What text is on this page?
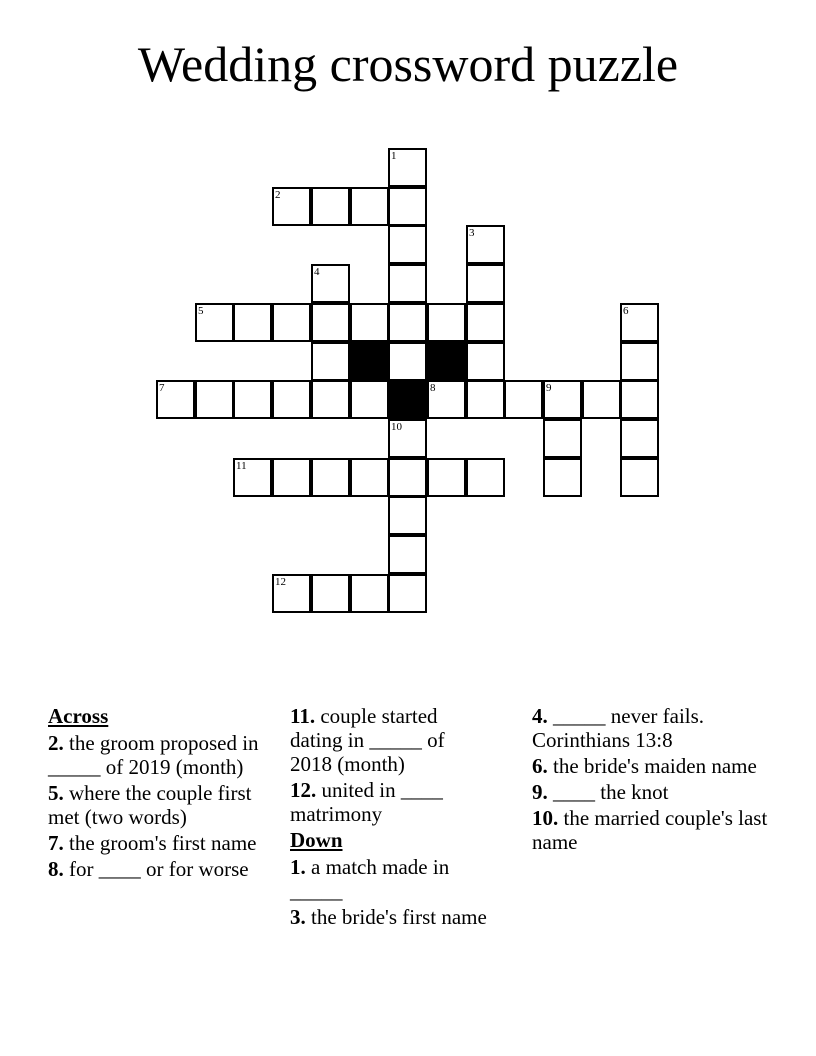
Wedding crossword puzzle
1
2
3
4
5	6
7	8	9
10
11
12
Across
2. the groom proposed in _____ of 2019 (month)
5. where the couple first met (two words)
7. the groom's first name
8. for ____ or for worse
11. couple started dating in _____ of 2018 (month)
12. united in ____ matrimony
Down
1. a match made in _____
3. the bride's first name
4. _____ never fails. Corinthians 13:8
6. the bride's maiden name
9. ____ the knot
10. the married couple's last name
